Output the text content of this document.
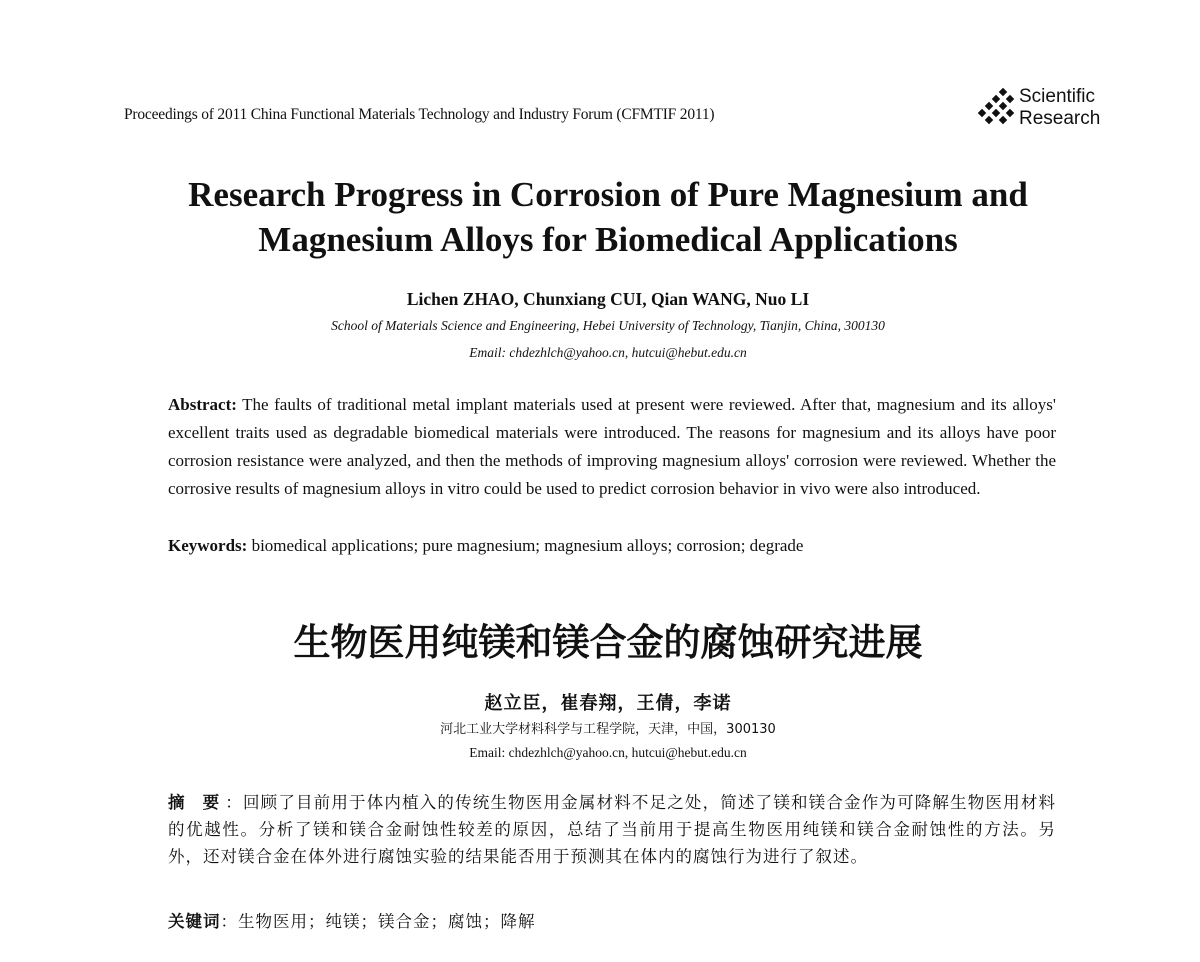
Proceedings of 2011 China Functional Materials Technology and Industry Forum (CFMTIF 2011)
Scientific
Research
Research Progress in Corrosion of Pure Magnesium and
Magnesium Alloys for Biomedical Applications
Lichen ZHAO, Chunxiang CUI, Qian WANG, Nuo LI
School of Materials Science and Engineering, Hebei University of Technology, Tianjin, China, 300130
Email: chdezhlch@yahoo.cn, hutcui@hebut.edu.cn
Abstract: The faults of traditional metal implant materials used at present were reviewed. After that, magnesium and its alloys' excellent traits used as degradable biomedical materials were introduced. The reasons for magnesium and its alloys have poor corrosion resistance were analyzed, and then the methods of improving magnesium alloys' corrosion were reviewed. Whether the corrosive results of magnesium alloys in vitro could be used to predict corrosion behavior in vivo were also introduced.
Keywords: biomedical applications; pure magnesium; magnesium alloys; corrosion; degrade
生物医用纯镁和镁合金的腐蚀研究进展
赵立臣，崔春翔，王倩，李诺
河北工业大学材料科学与工程学院，天津，中国，300130
Email: chdezhlch@yahoo.cn, hutcui@hebut.edu.cn
摘 要：回顾了目前用于体内植入的传统生物医用金属材料不足之处，简述了镁和镁合金作为可降解生物医用材料的优越性。分析了镁和镁合金耐蚀性较差的原因，总结了当前用于提高生物医用纯镁和镁合金耐蚀性的方法。另外，还对镁合金在体外进行腐蚀实验的结果能否用于预测其在体内的腐蚀行为进行了叙述。
关键词：生物医用；纯镁；镁合金；腐蚀；降解
